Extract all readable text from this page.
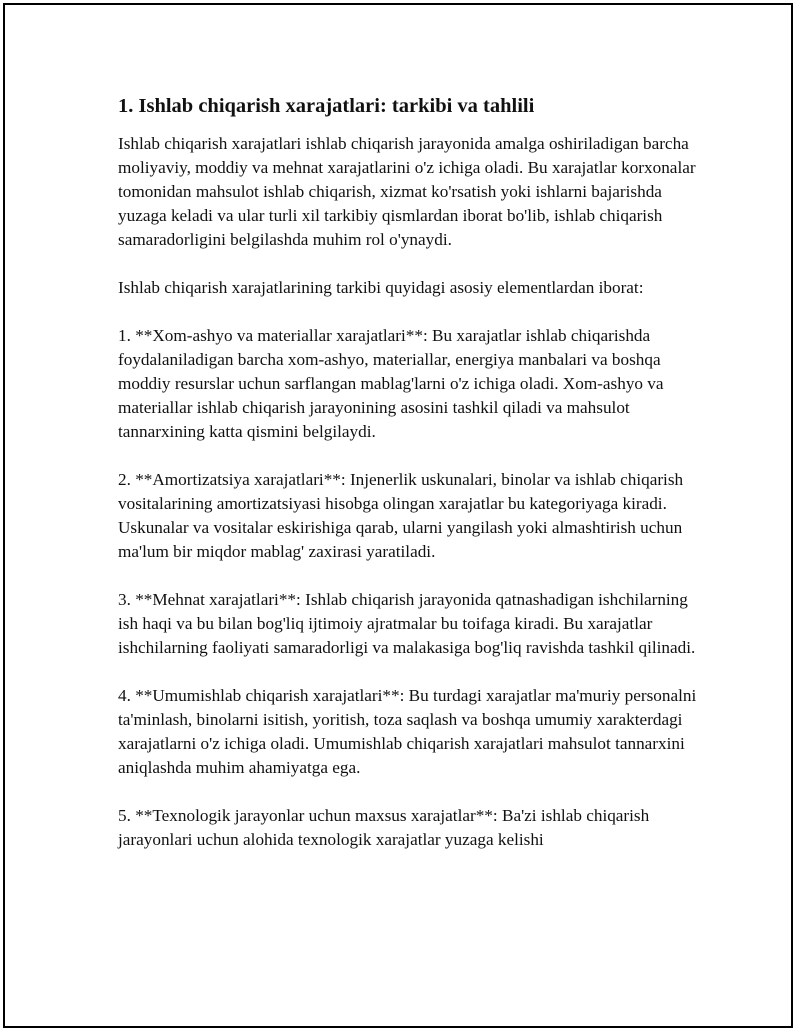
1. Ishlab chiqarish xarajatlari: tarkibi va tahlili

Ishlab chiqarish xarajatlari ishlab chiqarish jarayonida amalga oshiriladigan barcha moliyaviy, moddiy va mehnat xarajatlarini o'z ichiga oladi. Bu xarajatlar korxonalar tomonidan mahsulot ishlab chiqarish, xizmat ko'rsatish yoki ishlarni bajarishda yuzaga keladi va ular turli xil tarkibiy qismlardan iborat bo'lib, ishlab chiqarish samaradorligini belgilashda muhim rol o'ynaydi.

Ishlab chiqarish xarajatlarining tarkibi quyidagi asosiy elementlardan iborat:

1. **Xom-ashyo va materiallar xarajatlari**: Bu xarajatlar ishlab chiqarishda foydalaniladigan barcha xom-ashyo, materiallar, energiya manbalari va boshqa moddiy resurslar uchun sarflangan mablag'larni o'z ichiga oladi. Xom-ashyo va materiallar ishlab chiqarish jarayonining asosini tashkil qiladi va mahsulot tannarxining katta qismini belgilaydi.

2. **Amortizatsiya xarajatlari**: Injenerlik uskunalari, binolar va ishlab chiqarish vositalarining amortizatsiyasi hisobga olingan xarajatlar bu kategoriyaga kiradi. Uskunalar va vositalar eskirishiga qarab, ularni yangilash yoki almashtirish uchun ma'lum bir miqdor mablag' zaxirasi yaratiladi.

3. **Mehnat xarajatlari**: Ishlab chiqarish jarayonida qatnashadigan ishchilarning ish haqi va bu bilan bog'liq ijtimoiy ajratmalar bu toifaga kiradi. Bu xarajatlar ishchilarning faoliyati samaradorligi va malakasiga bog'liq ravishda tashkil qilinadi.

4. **Umumishlab chiqarish xarajatlari**: Bu turdagi xarajatlar ma'muriy personalni ta'minlash, binolarni isitish, yoritish, toza saqlash va boshqa umumiy xarakterdagi xarajatlarni o'z ichiga oladi. Umumishlab chiqarish xarajatlari mahsulot tannarxini aniqlashda muhim ahamiyatga ega.

5. **Texnologik jarayonlar uchun maxsus xarajatlar**: Ba'zi ishlab chiqarish jarayonlari uchun alohida texnologik xarajatlar yuzaga kelishi
